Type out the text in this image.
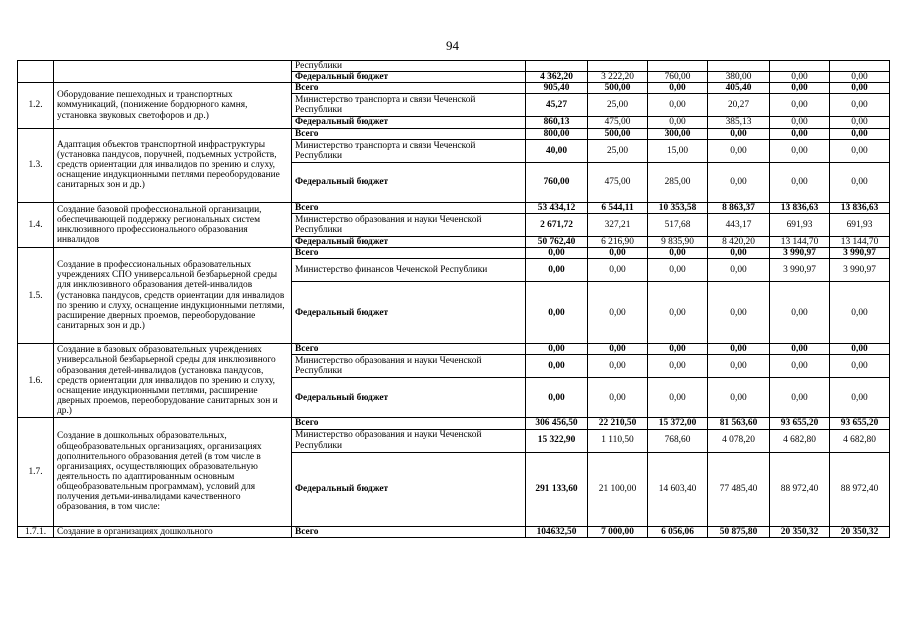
94
		Республики						
		Федеральный бюджет	4 362,20	3 222,20	760,00	380,00	0,00	0,00
1.2.	Оборудование пешеходных и транспортных коммуникаций, (понижение бордюрного камня, установка звуковых светофоров и др.)	Всего	905,40	500,00	0,00	405,40	0,00	0,00
		Министерство транспорта и связи Чеченской Республики	45,27	25,00	0,00	20,27	0,00	0,00
		Федеральный бюджет	860,13	475,00	0,00	385,13	0,00	0,00
1.3.	Адаптация объектов транспортной инфраструктуры (установка пандусов, поручней, подъемных устройств, средств ориентации для инвалидов по зрению и слуху, оснащение индукционными петлями переоборудование санитарных зон и др.)	Всего	800,00	500,00	300,00	0,00	0,00	0,00
		Министерство транспорта и связи Чеченской Республики	40,00	25,00	15,00	0,00	0,00	0,00
		Федеральный бюджет	760,00	475,00	285,00	0,00	0,00	0,00
1.4.	Создание базовой профессиональной организации, обеспечивающей поддержку региональных систем инклюзивного профессионального образования инвалидов	Всего	53 434,12	6 544,11	10 353,58	8 863,37	13 836,63	13 836,63
		Министерство образования и науки Чеченской Республики	2 671,72	327,21	517,68	443,17	691,93	691,93
		Федеральный бюджет	50 762,40	6 216,90	9 835,90	8 420,20	13 144,70	13 144,70
1.5.	Создание в профессиональных образовательных учреждениях СПО универсальной безбарьерной среды для инклюзивного образования детей-инвалидов (установка пандусов, средств ориентации для инвалидов по зрению и слуху, оснащение индукционными петлями, расширение дверных проемов, переоборудование санитарных зон и др.)	Всего	0,00	0,00	0,00	0,00	3 990,97	3 990,97
		Министерство финансов Чеченской Республики	0,00	0,00	0,00	0,00	3 990,97	3 990,97
		Федеральный бюджет	0,00	0,00	0,00	0,00	0,00	0,00
1.6.	Создание в базовых образовательных учреждениях универсальной безбарьерной среды для инклюзивного образования детей-инвалидов (установка пандусов, средств ориентации для инвалидов по зрению и слуху, оснащение индукционными петлями, расширение дверных проемов, переоборудование санитарных зон и др.)	Всего	0,00	0,00	0,00	0,00	0,00	0,00
		Министерство образования и науки Чеченской Республики	0,00	0,00	0,00	0,00	0,00	0,00
		Федеральный бюджет	0,00	0,00	0,00	0,00	0,00	0,00
1.7.	Создание в дошкольных образовательных, общеобразовательных организациях, организациях дополнительного образования детей (в том числе в организациях, осуществляющих образовательную деятельность по адаптированным основным общеобразовательным программам), условий для получения детьми-инвалидами качественного образования, в том числе:	Всего	306 456,50	22 210,50	15 372,00	81 563,60	93 655,20	93 655,20
		Министерство образования и науки Чеченской Республики	15 322,90	1 110,50	768,60	4 078,20	4 682,80	4 682,80
		Федеральный бюджет	291 133,60	21 100,00	14 603,40	77 485,40	88 972,40	88 972,40
1.7.1.	Создание в организациях дошкольного	Всего	104632,50	7 000,00	6 056,06	50 875,80	20 350,32	20 350,32
